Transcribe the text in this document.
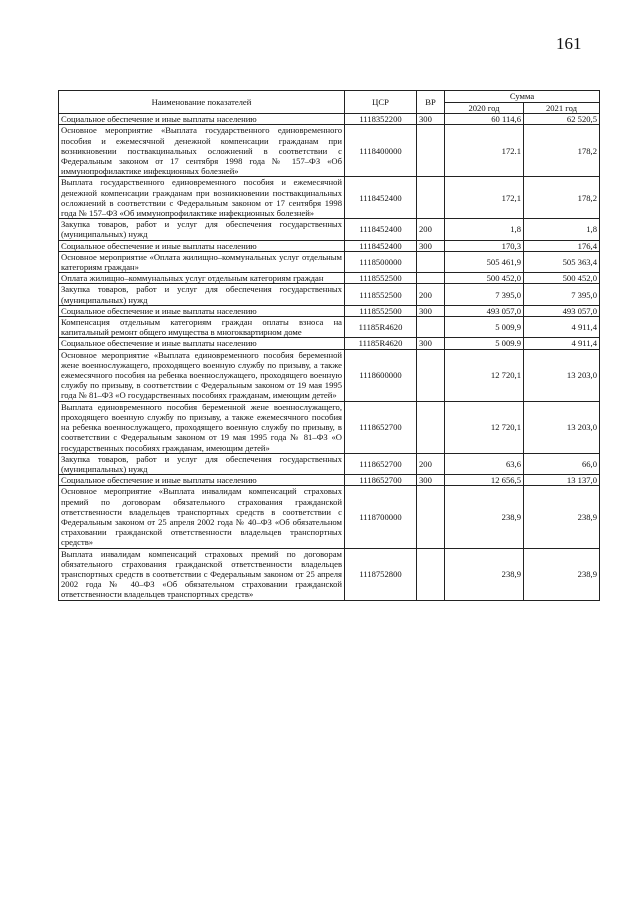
161
Наименование показателей	ЦСР	ВР	Сумма	
			2020 год	2021 год
Социальное обеспечение и иные выплаты населению	1118352200	300	60 114,6	62 520,5
Основное мероприятие «Выплата государственного единовременного пособия и ежемесячной денежной компенсации гражданам при возникновении поствакцинальных осложнений в соответствии с Федеральным законом от 17 сентября 1998 года № 157–ФЗ «Об иммунопрофилактике инфекционных болезней»	1118400000		172.1	178,2
Выплата государственного единовременного пособия и ежемесячной денежной компенсации гражданам при возникновении поствакцинальных осложнений в соответствии с Федеральным законом от 17 сентября 1998 года № 157–ФЗ «Об иммунопрофилактике инфекционных болезней»	1118452400		172,1	178,2
Закупка товаров, работ и услуг для обеспечения государственных (муниципальных) нужд	1118452400	200	1,8	1,8
Социальное обеспечение и иные выплаты населению	1118452400	300	170,3	176,4
Основное мероприятие «Оплата жилищно–коммунальных услуг отдельным категориям граждан»	1118500000		505 461,9	505 363,4
Оплата жилищно–коммунальных услуг отдельным категориям граждан	1118552500		500 452,0	500 452,0
Закупка товаров, работ и услуг для обеспечения государственных (муниципальных) нужд	1118552500	200	7 395,0	7 395,0
Социальное обеспечение и иные выплаты населению	1118552500	300	493 057,0	493 057,0
Компенсация отдельным категориям граждан оплаты взноса на капитальный ремонт общего имущества в многоквартирном доме	11185R4620		5 009,9	4 911,4
Социальное обеспечение и иные выплаты населению	11185R4620	300	5 009.9	4 911,4
Основное мероприятие «Выплата единовременного пособия беременной жене военнослужащего, проходящего военную службу по призыву, а также ежемесячного пособия на ребенка военнослужащего, проходящего военную службу по призыву, в соответствии с Федеральным законом от 19 мая 1995 года № 81–ФЗ «О государственных пособиях гражданам, имеющим детей»	1118600000		12 720,1	13 203,0
Выплата единовременного пособия беременной жене военнослужащего, проходящего военную службу по призыву, а также ежемесячного пособия на ребенка военнослужащего, проходящего военную службу по призыву, в соответствии с Федеральным законом от 19 мая 1995 года № 81–ФЗ «О государственных пособиях гражданам, имеющим детей»	1118652700		12 720,1	13 203,0
Закупка товаров, работ и услуг для обеспечения государственных (муниципальных) нужд	1118652700	200	63,6	66,0
Социальное обеспечение и иные выплаты населению	1118652700	300	12 656,5	13 137,0
Основное мероприятие «Выплата инвалидам компенсаций страховых премий по договорам обязательного страхования гражданской ответственности владельцев транспортных средств в соответствии с Федеральным законом от 25 апреля 2002 года № 40–ФЗ «Об обязательном страховании гражданской ответственности владельцев транспортных средств»	1118700000		238,9	238,9
Выплата инвалидам компенсаций страховых премий по договорам обязательного страхования гражданской ответственности владельцев транспортных средств в соответствии с Федеральным законом от 25 апреля 2002 года № 40–ФЗ «Об обязательном страховании гражданской ответственности владельцев транспортных средств»	1118752800		238,9	238,9
